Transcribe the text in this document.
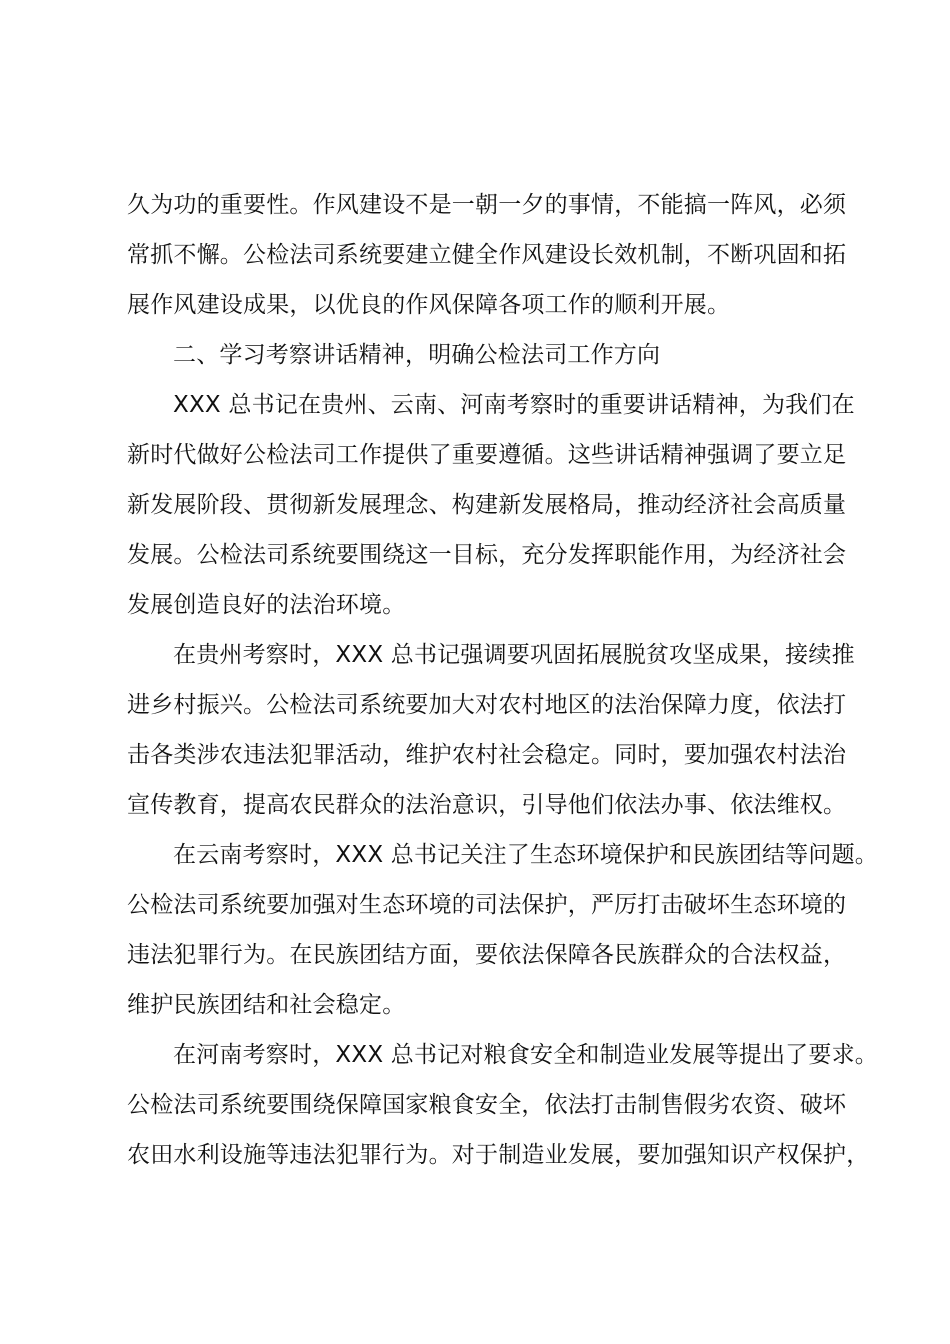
久为功的重要性。作风建设不是一朝一夕的事情，不能搞一阵风，必须

常抓不懈。公检法司系统要建立健全作风建设长效机制，不断巩固和拓

展作风建设成果，以优良的作风保障各项工作的顺利开展。

二、学习考察讲话精神，明确公检法司工作方向

XXX 总书记在贵州、云南、河南考察时的重要讲话精神，为我们在

新时代做好公检法司工作提供了重要遵循。这些讲话精神强调了要立足

新发展阶段、贯彻新发展理念、构建新发展格局，推动经济社会高质量

发展。公检法司系统要围绕这一目标，充分发挥职能作用，为经济社会

发展创造良好的法治环境。

在贵州考察时，XXX 总书记强调要巩固拓展脱贫攻坚成果，接续推

进乡村振兴。公检法司系统要加大对农村地区的法治保障力度，依法打

击各类涉农违法犯罪活动，维护农村社会稳定。同时，要加强农村法治

宣传教育，提高农民群众的法治意识，引导他们依法办事、依法维权。

在云南考察时，XXX 总书记关注了生态环境保护和民族团结等问题。

公检法司系统要加强对生态环境的司法保护，严厉打击破坏生态环境的

违法犯罪行为。在民族团结方面，要依法保障各民族群众的合法权益，

维护民族团结和社会稳定。

在河南考察时，XXX 总书记对粮食安全和制造业发展等提出了要求。

公检法司系统要围绕保障国家粮食安全，依法打击制售假劣农资、破坏

农田水利设施等违法犯罪行为。对于制造业发展，要加强知识产权保护，
